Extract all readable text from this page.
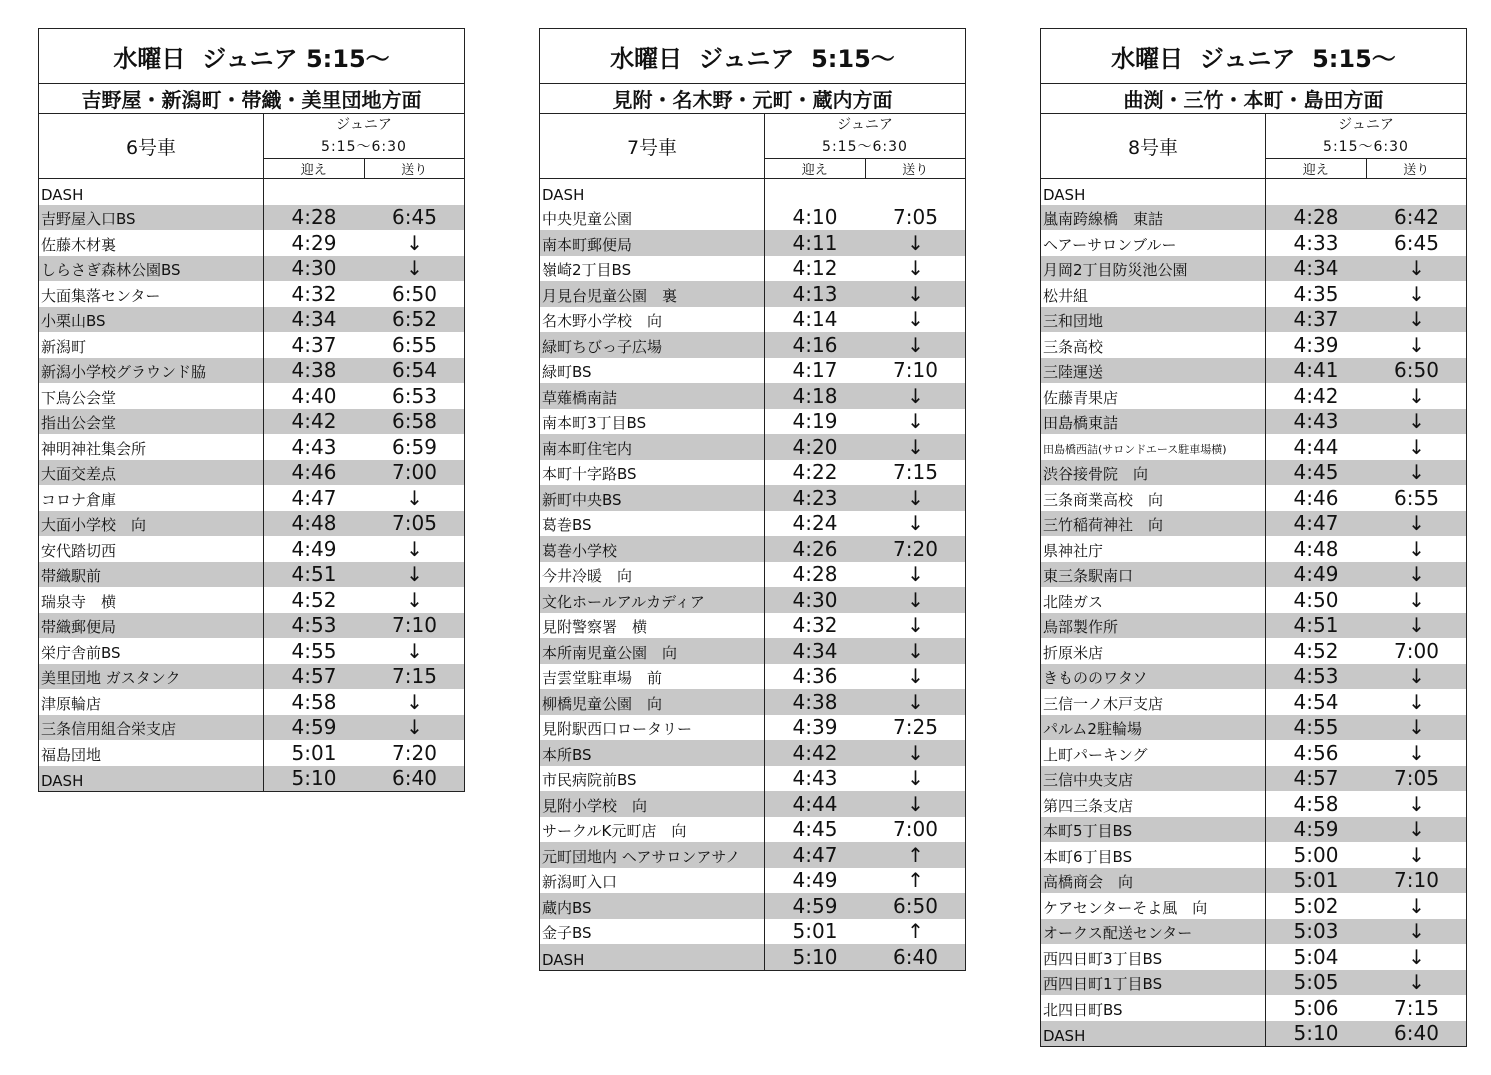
水曜日  ジュニア 5:15〜
吉野屋・新潟町・帯織・美里団地方面
6号車
ジュニア
5:15〜6:30
迎え	送り
DASH
吉野屋入口BS	4:28	6:45
佐藤木材裏	4:29	↓
しらさぎ森林公園BS	4:30	↓
大面集落センター	4:32	6:50
小栗山BS	4:34	6:52
新潟町	4:37	6:55
新潟小学校グラウンド脇	4:38	6:54
下鳥公会堂	4:40	6:53
指出公会堂	4:42	6:58
神明神社集会所	4:43	6:59
大面交差点	4:46	7:00
コロナ倉庫	4:47	↓
大面小学校　向	4:48	7:05
安代踏切西	4:49	↓
帯織駅前	4:51	↓
瑞泉寺　横	4:52	↓
帯織郵便局	4:53	7:10
栄庁舎前BS	4:55	↓
美里団地 ガスタンク	4:57	7:15
津原輪店	4:58	↓
三条信用組合栄支店	4:59	↓
福島団地	5:01	7:20
DASH	5:10	6:40
水曜日  ジュニア  5:15〜
見附・名木野・元町・蔵内方面
7号車
ジュニア
5:15〜6:30
迎え	送り
DASH
中央児童公園	4:10	7:05
南本町郵便局	4:11	↓
嶺崎2丁目BS	4:12	↓
月見台児童公園　裏	4:13	↓
名木野小学校　向	4:14	↓
緑町ちびっ子広場	4:16	↓
緑町BS	4:17	7:10
草薙橋南詰	4:18	↓
南本町3丁目BS	4:19	↓
南本町住宅内	4:20	↓
本町十字路BS	4:22	7:15
新町中央BS	4:23	↓
葛巻BS	4:24	↓
葛巻小学校	4:26	7:20
今井冷暖　向	4:28	↓
文化ホールアルカディア	4:30	↓
見附警察署　横	4:32	↓
本所南児童公園　向	4:34	↓
吉雲堂駐車場　前	4:36	↓
柳橋児童公園　向	4:38	↓
見附駅西口ロータリー	4:39	7:25
本所BS	4:42	↓
市民病院前BS	4:43	↓
見附小学校　向	4:44	↓
サークルK元町店　向	4:45	7:00
元町団地内 ヘアサロンアサノ	4:47	↑
新潟町入口	4:49	↑
蔵内BS	4:59	6:50
金子BS	5:01	↑
DASH	5:10	6:40
水曜日  ジュニア  5:15〜
曲渕・三竹・本町・島田方面
8号車
ジュニア
5:15〜6:30
迎え	送り
DASH
嵐南跨線橋　東詰	4:28	6:42
ヘアーサロンブルー	4:33	6:45
月岡2丁目防災池公園	4:34	↓
松井組	4:35	↓
三和団地	4:37	↓
三条高校	4:39	↓
三陸運送	4:41	6:50
佐藤青果店	4:42	↓
田島橋東詰	4:43	↓
田島橋西詰(サロンドエース駐車場横)	4:44	↓
渋谷接骨院　向	4:45	↓
三条商業高校　向	4:46	6:55
三竹稲荷神社　向	4:47	↓
県神社庁	4:48	↓
東三条駅南口	4:49	↓
北陸ガス	4:50	↓
鳥部製作所	4:51	↓
折原米店	4:52	7:00
きもののワタソ	4:53	↓
三信一ノ木戸支店	4:54	↓
パルム2駐輪場	4:55	↓
上町パーキング	4:56	↓
三信中央支店	4:57	7:05
第四三条支店	4:58	↓
本町5丁目BS	4:59	↓
本町6丁目BS	5:00	↓
高橋商会　向	5:01	7:10
ケアセンターそよ風　向	5:02	↓
オークス配送センター	5:03	↓
西四日町3丁目BS	5:04	↓
西四日町1丁目BS	5:05	↓
北四日町BS	5:06	7:15
DASH	5:10	6:40
